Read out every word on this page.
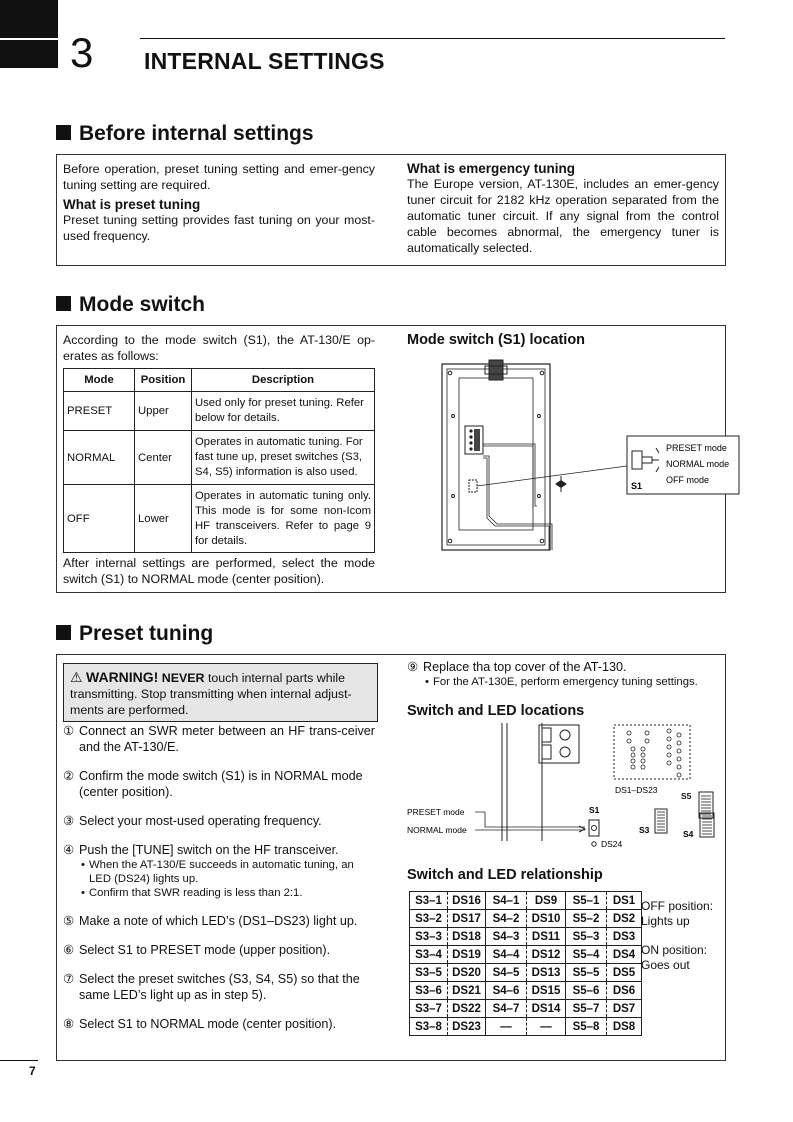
3 INTERNAL SETTINGS
Before internal settings
Before operation, preset tuning setting and emer-gency tuning setting are required.
What is preset tuning
Preset tuning setting provides fast tuning on your most-used frequency.
What is emergency tuning
The Europe version, AT-130E, includes an emer-gency tuner circuit for 2182 kHz operation separated from the automatic tuner circuit. If any signal from the control cable becomes abnormal, the emergency tuner is automatically selected.
Mode switch
According to the mode switch (S1), the AT-130/E op-erates as follows:
Mode	Position	Description
PRESET	Upper	Used only for preset tuning. Refer below for details.
NORMAL	Center	Operates in automatic tuning. For fast tune up, preset switches (S3, S4, S5) information is also used.
OFF	Lower	Operates in automatic tuning only. This mode is for some non-Icom HF transceivers. Refer to page 9 for details.
After internal settings are performed, select the mode switch (S1) to NORMAL mode (center position).
Mode switch (S1) location
PRESET mode
NORMAL mode
OFF mode
S1
Preset tuning
⚠ WARNING! NEVER touch internal parts while transmitting. Stop transmitting when internal adjust-ments are performed.
① Connect an SWR meter between an HF trans-ceiver and the AT-130/E.
② Confirm the mode switch (S1) is in NORMAL mode (center position).
③ Select your most-used operating frequency.
④ Push the [TUNE] switch on the HF transceiver.
• When the AT-130/E succeeds in automatic tuning, an LED (DS24) lights up.
• Confirm that SWR reading is less than 2:1.
⑤ Make a note of which LED’s (DS1–DS23) light up.
⑥ Select S1 to PRESET mode (upper position).
⑦ Select the preset switches (S3, S4, S5) so that the same LED’s light up as in step 5).
⑧ Select S1 to NORMAL mode (center position).
⑨ Replace tha top cover of the AT-130.
• For the AT-130E, perform emergency tuning settings.
Switch and LED locations
DS1–DS23
PRESET mode
NORMAL mode
S1
DS24
S3	S4
S5
Switch and LED relationship
S3–1	DS16	S4–1	DS9	S5–1	DS1
S3–2	DS17	S4–2	DS10	S5–2	DS2
S3–3	DS18	S4–3	DS11	S5–3	DS3
S3–4	DS19	S4–4	DS12	S5–4	DS4
S3–5	DS20	S4–5	DS13	S5–5	DS5
S3–6	DS21	S4–6	DS15	S5–6	DS6
S3–7	DS22	S4–7	DS14	S5–7	DS7
S3–8	DS23	—	—	S5–8	DS8
OFF position:
Lights up
ON position:
Goes out
7
